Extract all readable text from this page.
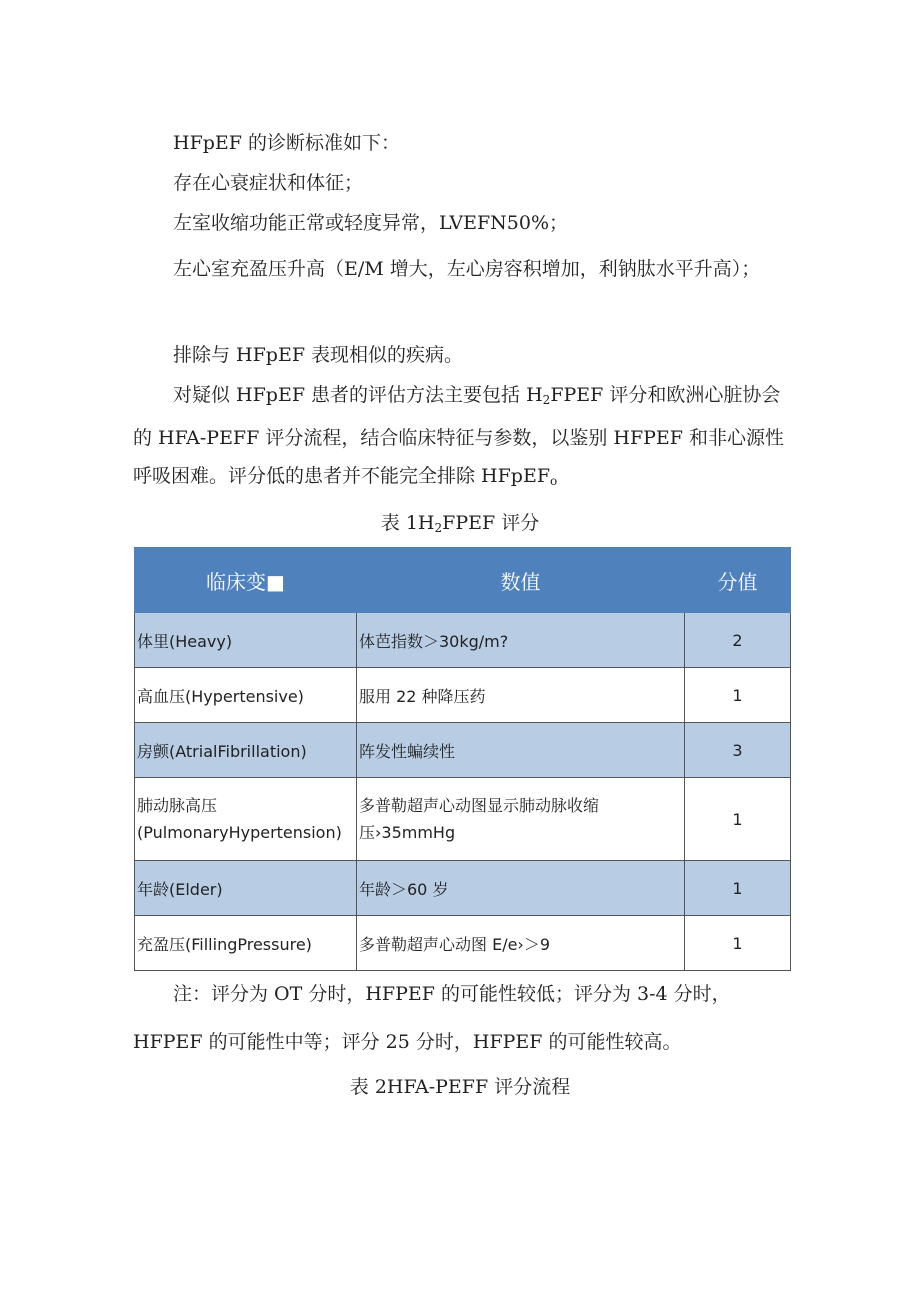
HFpEF 的诊断标准如下：

存在心衰症状和体征；

左室收缩功能正常或轻度异常，LVEFN50%；

左心室充盈压升高（E/M 增大，左心房容积增加，利钠肽水平升高）；

排除与 HFpEF 表现相似的疾病。

对疑似 HFpEF 患者的评估方法主要包括 $H_2FPEF$ 评分和欧洲心脏协会的 HFA-PEFF 评分流程，结合临床特征与参数，以鉴别 HFPEF 和非心源性呼吸困难。评分低的患者并不能完全排除 HFpEF$_o$

表 $1H_2FPEF$ 评分

临床变■	数值	分值
体里(Heavy)	体芭指数＞30kg/m?	2
高血压(Hypertensive)	服用 22 种降压药	1
房颤(AtrialFibrillation)	阵发性蝙续性	3
肺动脉高压(PulmonaryHypertension)	多普勒超声心动图显示肺动脉收缩压›35mmHg	1
年龄(Elder)	年龄＞60 岁	1
充盈压(FillingPressure)	多普勒超声心动图 E/e›＞9	1

注：评分为 OT 分时，HFPEF 的可能性较低；评分为 3-4 分时，HFPEF 的可能性中等；评分 25 分时，HFPEF 的可能性较高。

表 2HFA-PEFF 评分流程
